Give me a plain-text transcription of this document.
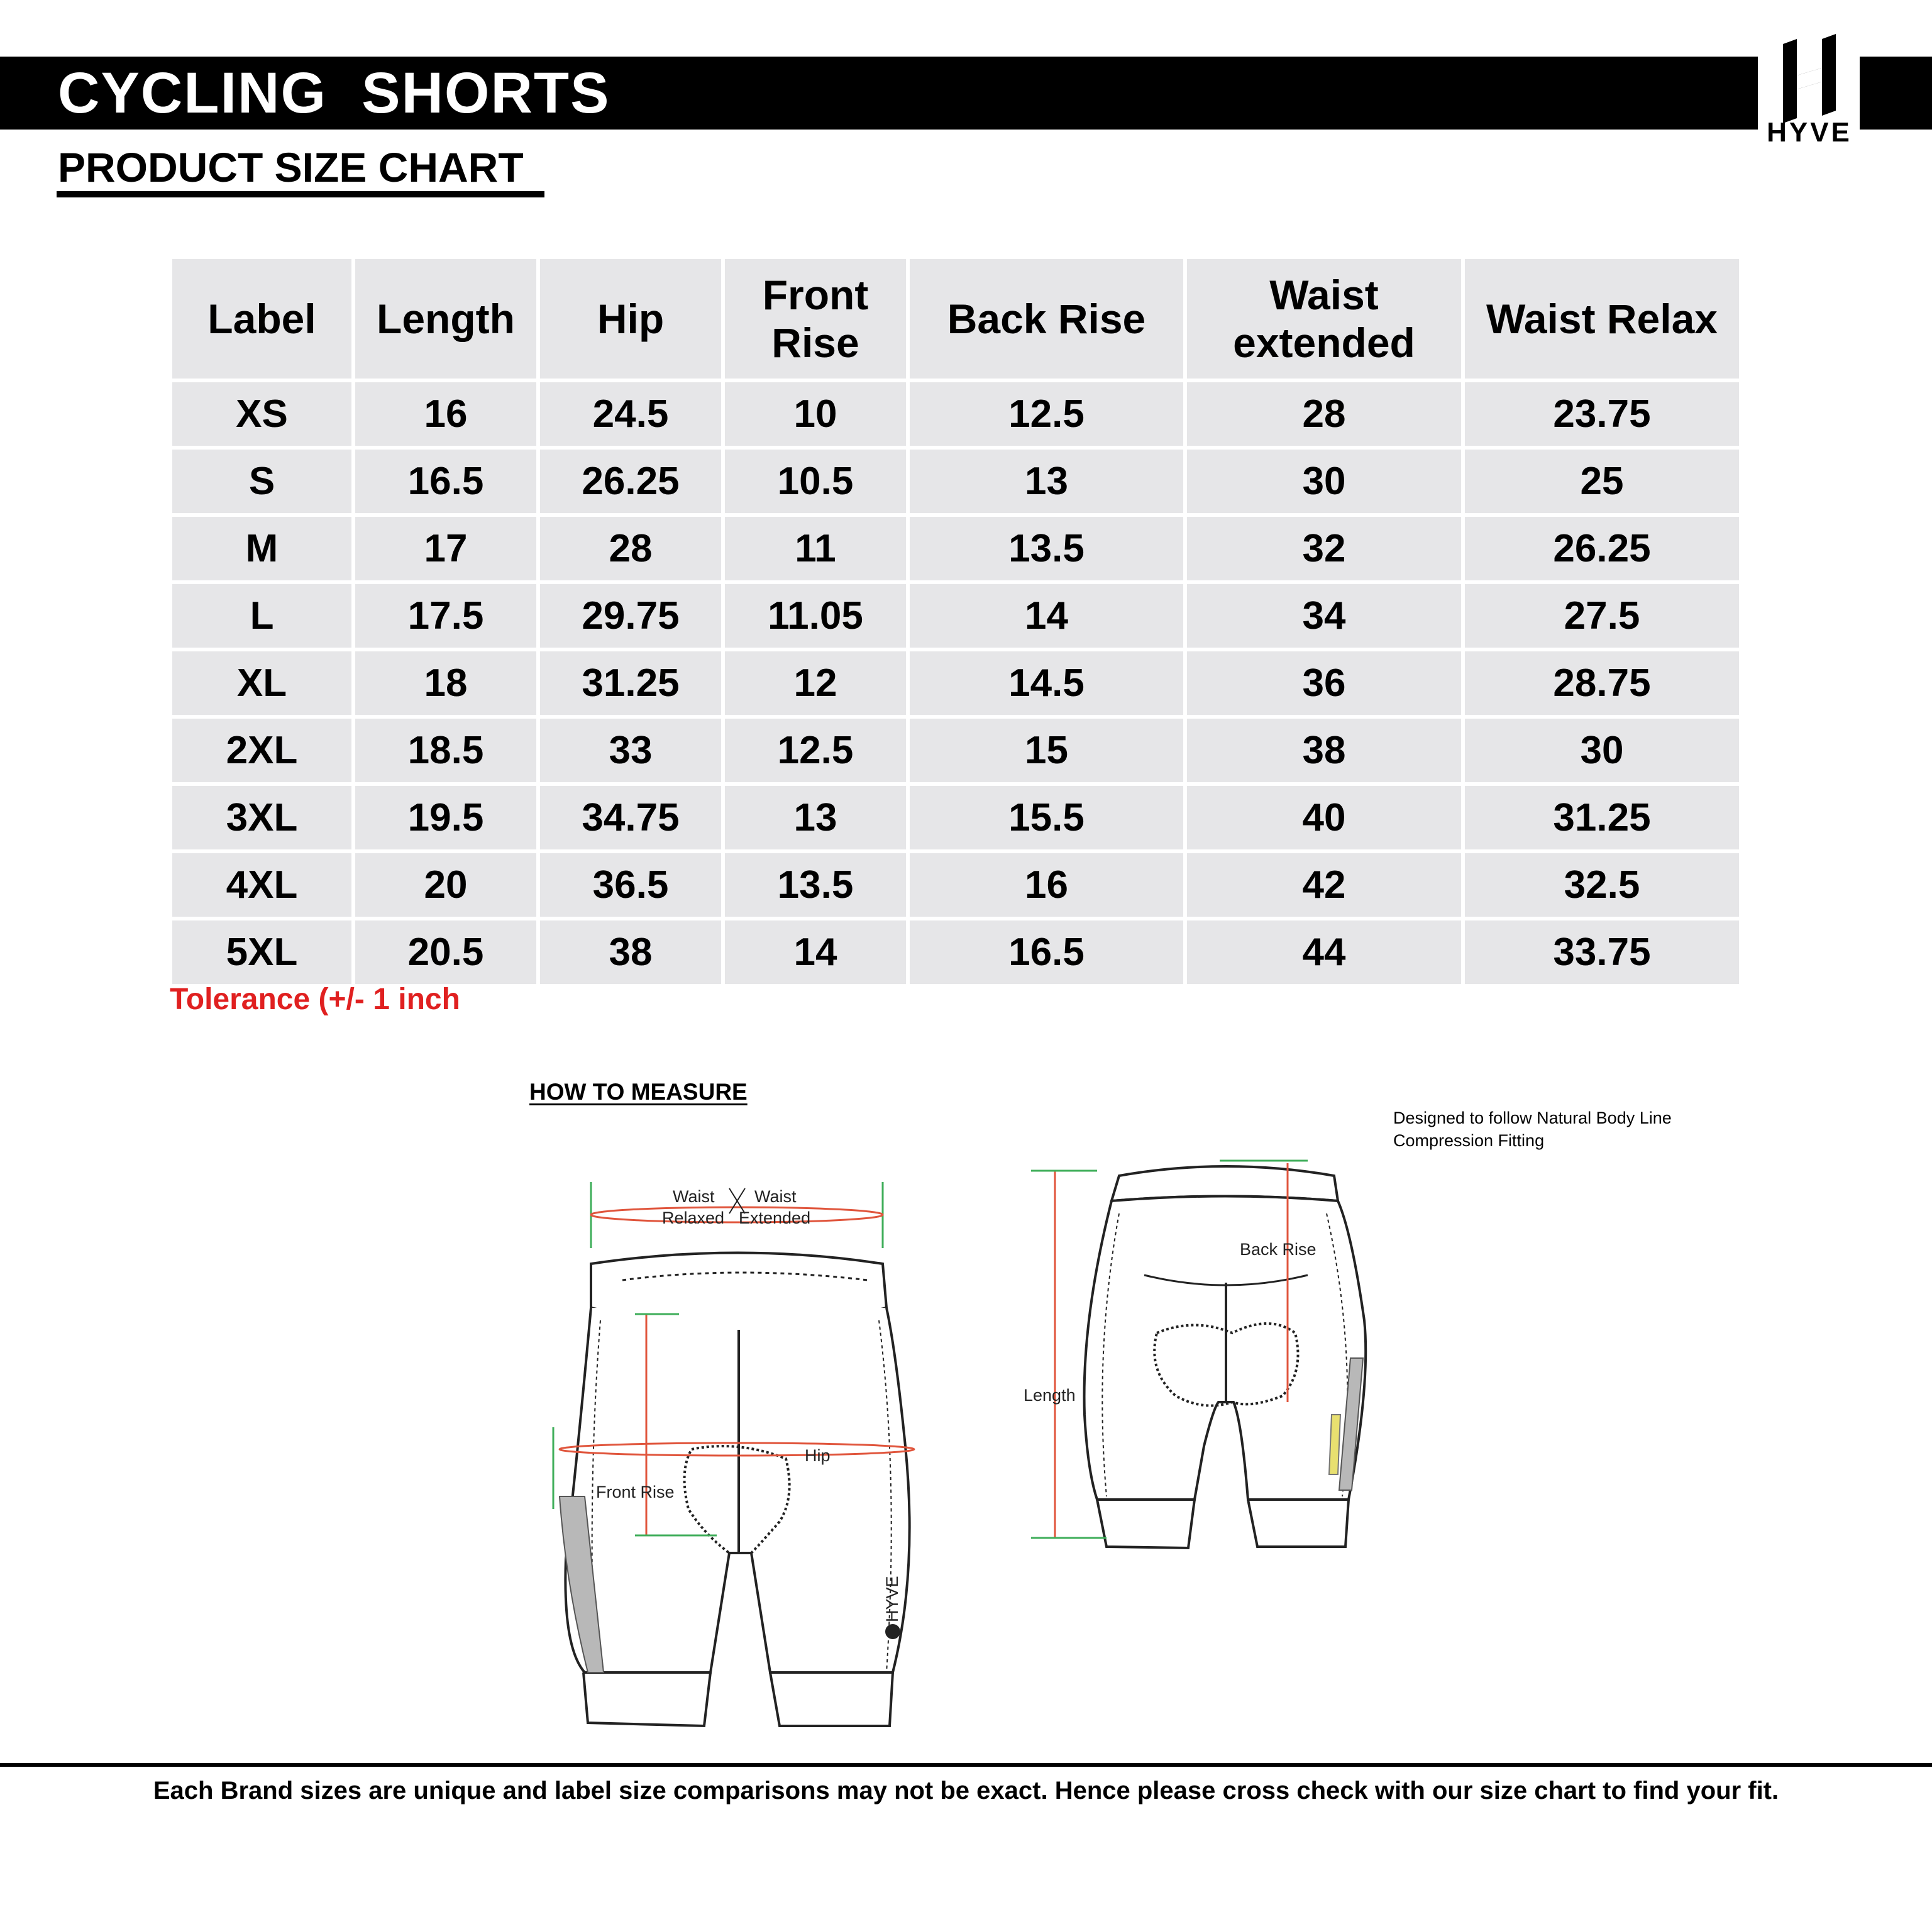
CYCLING  SHORTS
HYVE
PRODUCT SIZE CHART
Label	Length	Hip	Front Rise	Back Rise	Waist extended	Waist Relax
XS	16	24.5	10	12.5	28	23.75
S	16.5	26.25	10.5	13	30	25
M	17	28	11	13.5	32	26.25
L	17.5	29.75	11.05	14	34	27.5
XL	18	31.25	12	14.5	36	28.75
2XL	18.5	33	12.5	15	38	30
3XL	19.5	34.75	13	15.5	40	31.25
4XL	20	36.5	13.5	16	42	32.5
5XL	20.5	38	14	16.5	44	33.75
Tolerance (+/- 1 inch
HOW TO MEASURE
Designed to follow Natural Body Line
Compression Fitting
HYVE
Waist
Relaxed
Waist
Extended
Hip
Front Rise
Back Rise
Length
Each Brand sizes are unique and label size comparisons may not be exact. Hence please cross check with our size chart to find your fit.
